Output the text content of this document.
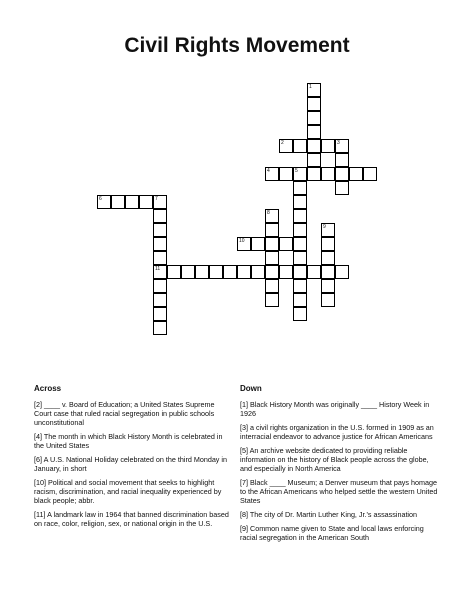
Civil Rights Movement
1
2	3
4	5
6	7
11
8
9
10
Across	Down
[2] ____ v. Board of Education; a United States Supreme Court case that ruled racial segregation in public schools unconstitutional
[4] The month in which Black History Month is celebrated in the United States
[6] A U.S. National Holiday celebrated on the third Monday in January, in short
[10] Political and social movement that seeks to highlight racism, discrimination, and racial inequality experienced by black people; abbr.
[11] A landmark law in 1964 that banned discrimination based on race, color, religion, sex, or national origin in the U.S.
[1] Black History Month was originally ____ History Week in 1926
[3] a civil rights organization in the U.S. formed in 1909 as an interracial endeavor to advance justice for African Americans
[5] An archive website dedicated to providing reliable information on the history of Black people across the globe, and especially in North America
[7] Black ____ Museum; a Denver museum that pays homage to the African Americans who helped settle the western United States
[8] The city of Dr. Martin Luther King, Jr.'s assassination
[9] Common name given to State and local laws enforcing racial segregation in the American South
